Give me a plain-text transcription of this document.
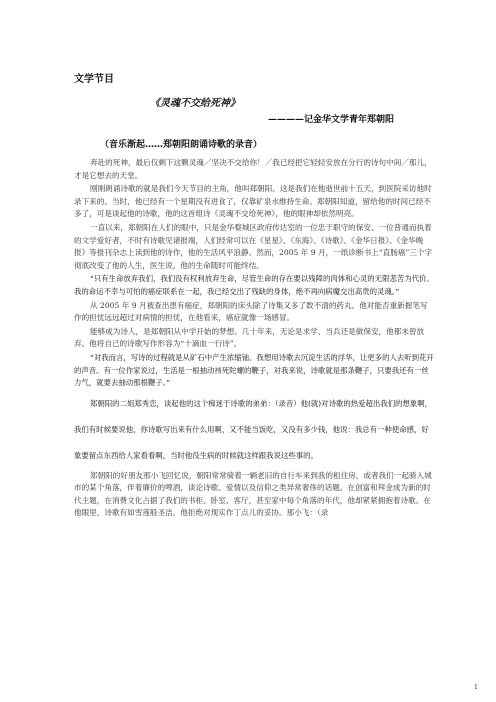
文学节目
《灵魂不交给死神》
————记金华文学青年郑朝阳
（音乐渐起……郑朝阳朗诵诗歌的录音）

奔赴的死神，最后仅剩下这颗灵魂／坚决不交给你！／我已经把它轻轻安放在分行的诗句中间／那儿，才是它想去的天堂。

刚刚朗诵诗歌的就是我们今天节目的主角，他叫郑朝阳。这是我们在他逝世前十五天，到医院采访他时录下来的。当时，他已经有一个星期没有进食了，仅靠矿泉水维持生命。郑朝阳知道，留给他的时间已经不多了，可是谈起他的诗歌，他的这首组诗《灵魂不交给死神》，他的眼神却依然明亮。

一直以来，郑朝阳在人们的眼中，只是金华婺城区政府传达室的一位忠于职守的保安、一位普通而执着的文学爱好者，不时有诗歌见诸报端，人们经常可以在《星星》、《东海》、《诗歌》、《金华日报》、《金华晚报》等报刊杂志上读到他的诗作，他的生活风平浪静。然而，2005 年 9 月，一纸诊断书上“直肠癌”三个字彻底改变了他的人生，医生说，他的生命随时可能终结。

“只有生命放弃我们，我们没有权利放弃生命，尽管生命的存在要以残障的肉体和心灵的无限悲苦为代价。我的命运不幸与可怕的癌症联系在一起，我已经交出了残缺的身体，绝不再向病魔交出高贵的灵魂。”

从 2005 年 9 月被查出患有癌症，郑朝阳的床头除了诗集又多了数不清的药丸。他对能否重新握笔写作的担忧远远超过对病情的担忧，在他看来，癌症就像一场感冒。

能够成为诗人，是郑朝阳从中学开始的梦想。几十年来，无论是求学、当兵还是做保安，他都未曾放弃。他将自己的诗歌写作形容为“十滴血一行诗”。

“对我而言，写诗的过程就是从矿石中产生浓缩铀。我想用诗歌去沉淀生活的浮华，让更多的人去听到花开的声音。有一位作家说过，生活是一根抽动祎死陀螺的鞭子，对我来说，诗歌就是那条鞭子，只要我还有一丝力气，就要去抽动那根鞭子。”

郑朝阳的二姐郑秀恋，谈起他的这个痴迷于诗歌的弟弟：（录音）他(就)对诗歌的热爱超出我们的想象啊，我们有时候要说他，你诗歌写出来有什么用啊，又不能当饭吃，又没有多少钱，他说：我总有一种使命感，好象要留点东西给人家看看啊，当时他没生病的时候就这样跟我说这些事的。

郑朝阳的好朋友那小飞回忆说，朝阳常常骑着一辆老旧的自行车来到我的租住房，或者我们一起骑入城市的某个角落，伴着廉价的啤酒，谈论诗歌、爱情以及信仰之类异常奢侈的话题。在创富和拜金成为新的时代主题，在消费文化占据了我们的书柜、卧室、客厅，甚至家中每个角落的年代，他却紧紧拥抱着诗歌。在他眼里，诗歌有如雪莲般圣洁，他拒绝对现实作丁点儿的妥协。那小飞：（录

1
